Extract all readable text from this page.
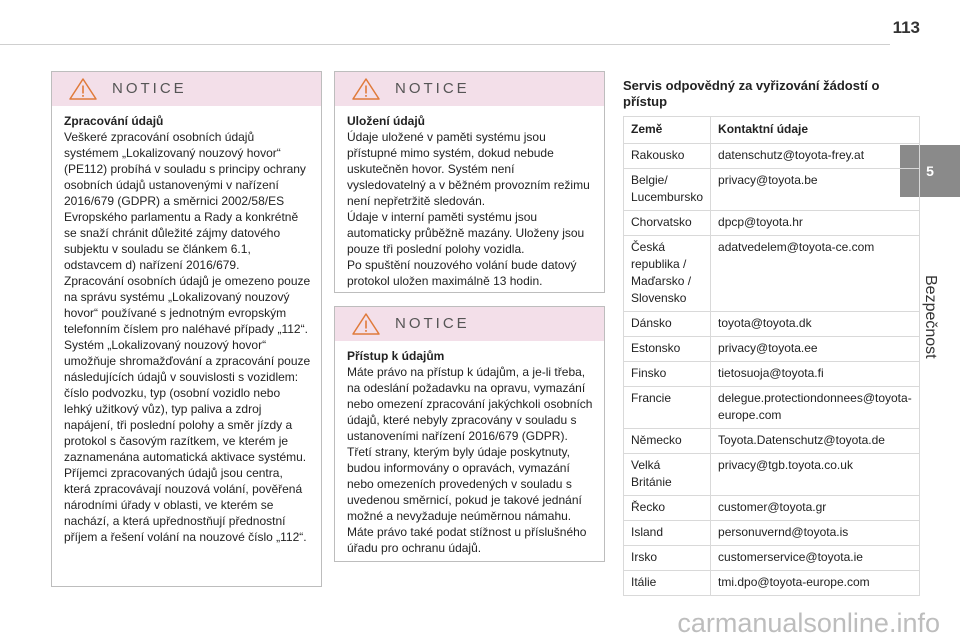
113
5
Bezpečnost
NOTICE
Zpracování údajů

Veškeré zpracování osobních údajů systémem „Lokalizovaný nouzový hovor“ (PE112) probíhá v souladu s principy ochrany osobních údajů ustanovenými v nařízení 2016/679 (GDPR) a směrnici 2002/58/ES Evropského parlamentu a Rady a konkrétně se snaží chránit důležité zájmy datového subjektu v souladu se článkem 6.1, odstavcem d) nařízení 2016/679.
Zpracování osobních údajů je omezeno pouze na správu systému „Lokalizovaný nouzový hovor“ používané s jednotným evropským telefonním číslem pro naléhavé případy „112“.
Systém „Lokalizovaný nouzový hovor“ umožňuje shromažďování a zpracování pouze následujících údajů v souvislosti s vozidlem: číslo podvozku, typ (osobní vozidlo nebo lehký užitkový vůz), typ paliva a zdroj napájení, tři poslední polohy a směr jízdy a protokol s časovým razítkem, ve kterém je zaznamenána automatická aktivace systému.
Příjemci zpracovaných údajů jsou centra, která zpracovávají nouzová volání, pověřená národními úřady v oblasti, ve kterém se nachází, a která upřednostňují přednostní příjem a řešení volání na nouzové číslo „112“.

NOTICE
Uložení údajů

Údaje uložené v paměti systému jsou přístupné mimo systém, dokud nebude uskutečněn hovor. Systém není vysledovatelný a v běžném provozním režimu není nepřetržitě sledován.
Údaje v interní paměti systému jsou automaticky průběžně mazány. Uloženy jsou pouze tři poslední polohy vozidla.
Po spuštění nouzového volání bude datový protokol uložen maximálně 13 hodin.

NOTICE
Přístup k údajům

Máte právo na přístup k údajům, a je-li třeba, na odeslání požadavku na opravu, vymazání nebo omezení zpracování jakýchkoli osobních údajů, které nebyly zpracovány v souladu s ustanoveními nařízení 2016/679 (GDPR). Třetí strany, kterým byly údaje poskytnuty, budou informovány o opravách, vymazání nebo omezeních provedených v souladu s uvedenou směrnicí, pokud je takové jednání možné a nevyžaduje neúměrnou námahu.
Máte právo také podat stížnost u příslušného úřadu pro ochranu údajů.

Servis odpovědný za vyřizování žádostí o přístup
Země	Kontaktní údaje
Rakousko	datenschutz@toyota-frey.at
Belgie/ Lucembursko	privacy@toyota.be
Chorvatsko	dpcp@toyota.hr
Česká republika / Maďarsko / Slovensko	adatvedelem@toyota-ce.com
Dánsko	toyota@toyota.dk
Estonsko	privacy@toyota.ee
Finsko	tietosuoja@toyota.fi
Francie	delegue.protectiondonnees@toyota-europe.com
Německo	Toyota.Datenschutz@toyota.de
Velká Británie	privacy@tgb.toyota.co.uk
Řecko	customer@toyota.gr
Island	personuvernd@toyota.is
Irsko	customerservice@toyota.ie
Itálie	tmi.dpo@toyota-europe.com
carmanualsonline.info
